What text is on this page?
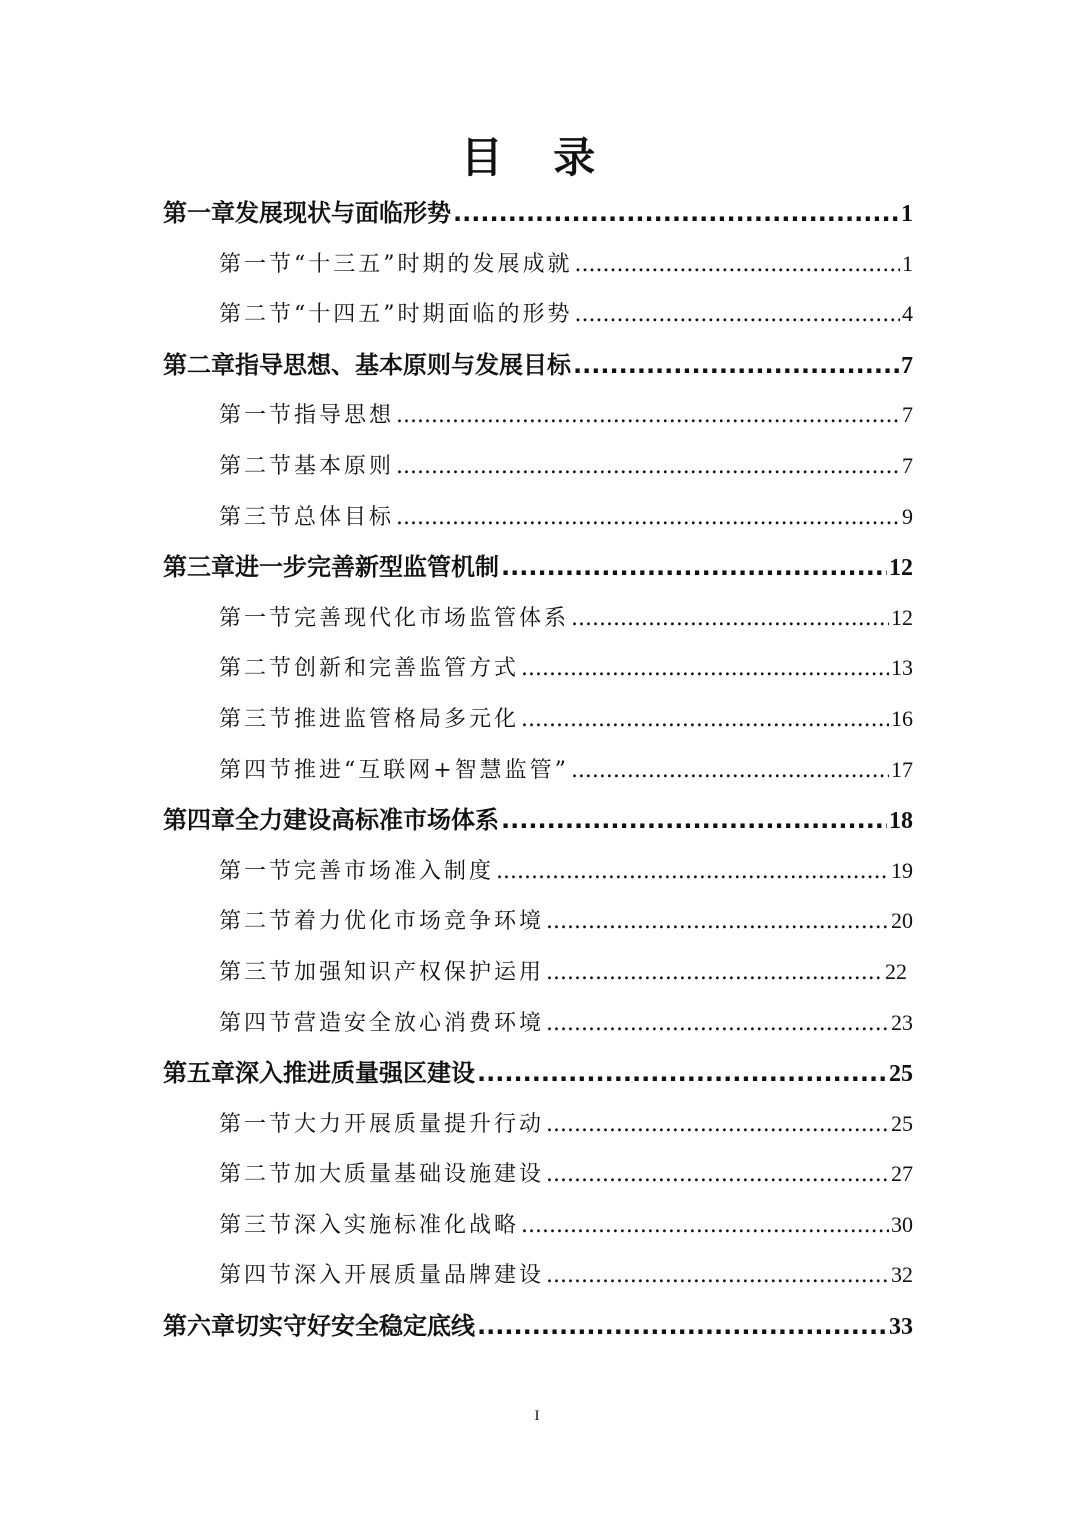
目 录
第一章发展现状与面临形势 .....	1
第一节“十三五”时期的发展成就 .....	1
第二节“十四五”时期面临的形势 .....	4
第二章指导思想、基本原则与发展目标 .....	7
第一节指导思想 .....	7
第二节基本原则 .....	7
第三节总体目标 .....	9
第三章进一步完善新型监管机制 .....	12
第一节完善现代化市场监管体系 .....	12
第二节创新和完善监管方式 .....	13
第三节推进监管格局多元化 .....	16
第四节推进“互联网+智慧监管” .....	17
第四章全力建设高标准市场体系 .....	18
第一节完善市场准入制度 .....	19
第二节着力优化市场竞争环境 .....	20
第三节加强知识产权保护运用 .....	22
第四节营造安全放心消费环境 .....	23
第五章深入推进质量强区建设 .....	25
第一节大力开展质量提升行动 .....	25
第二节加大质量基础设施建设 .....	27
第三节深入实施标准化战略 .....	30
第四节深入开展质量品牌建设 .....	32
第六章切实守好安全稳定底线 .....	33
I
